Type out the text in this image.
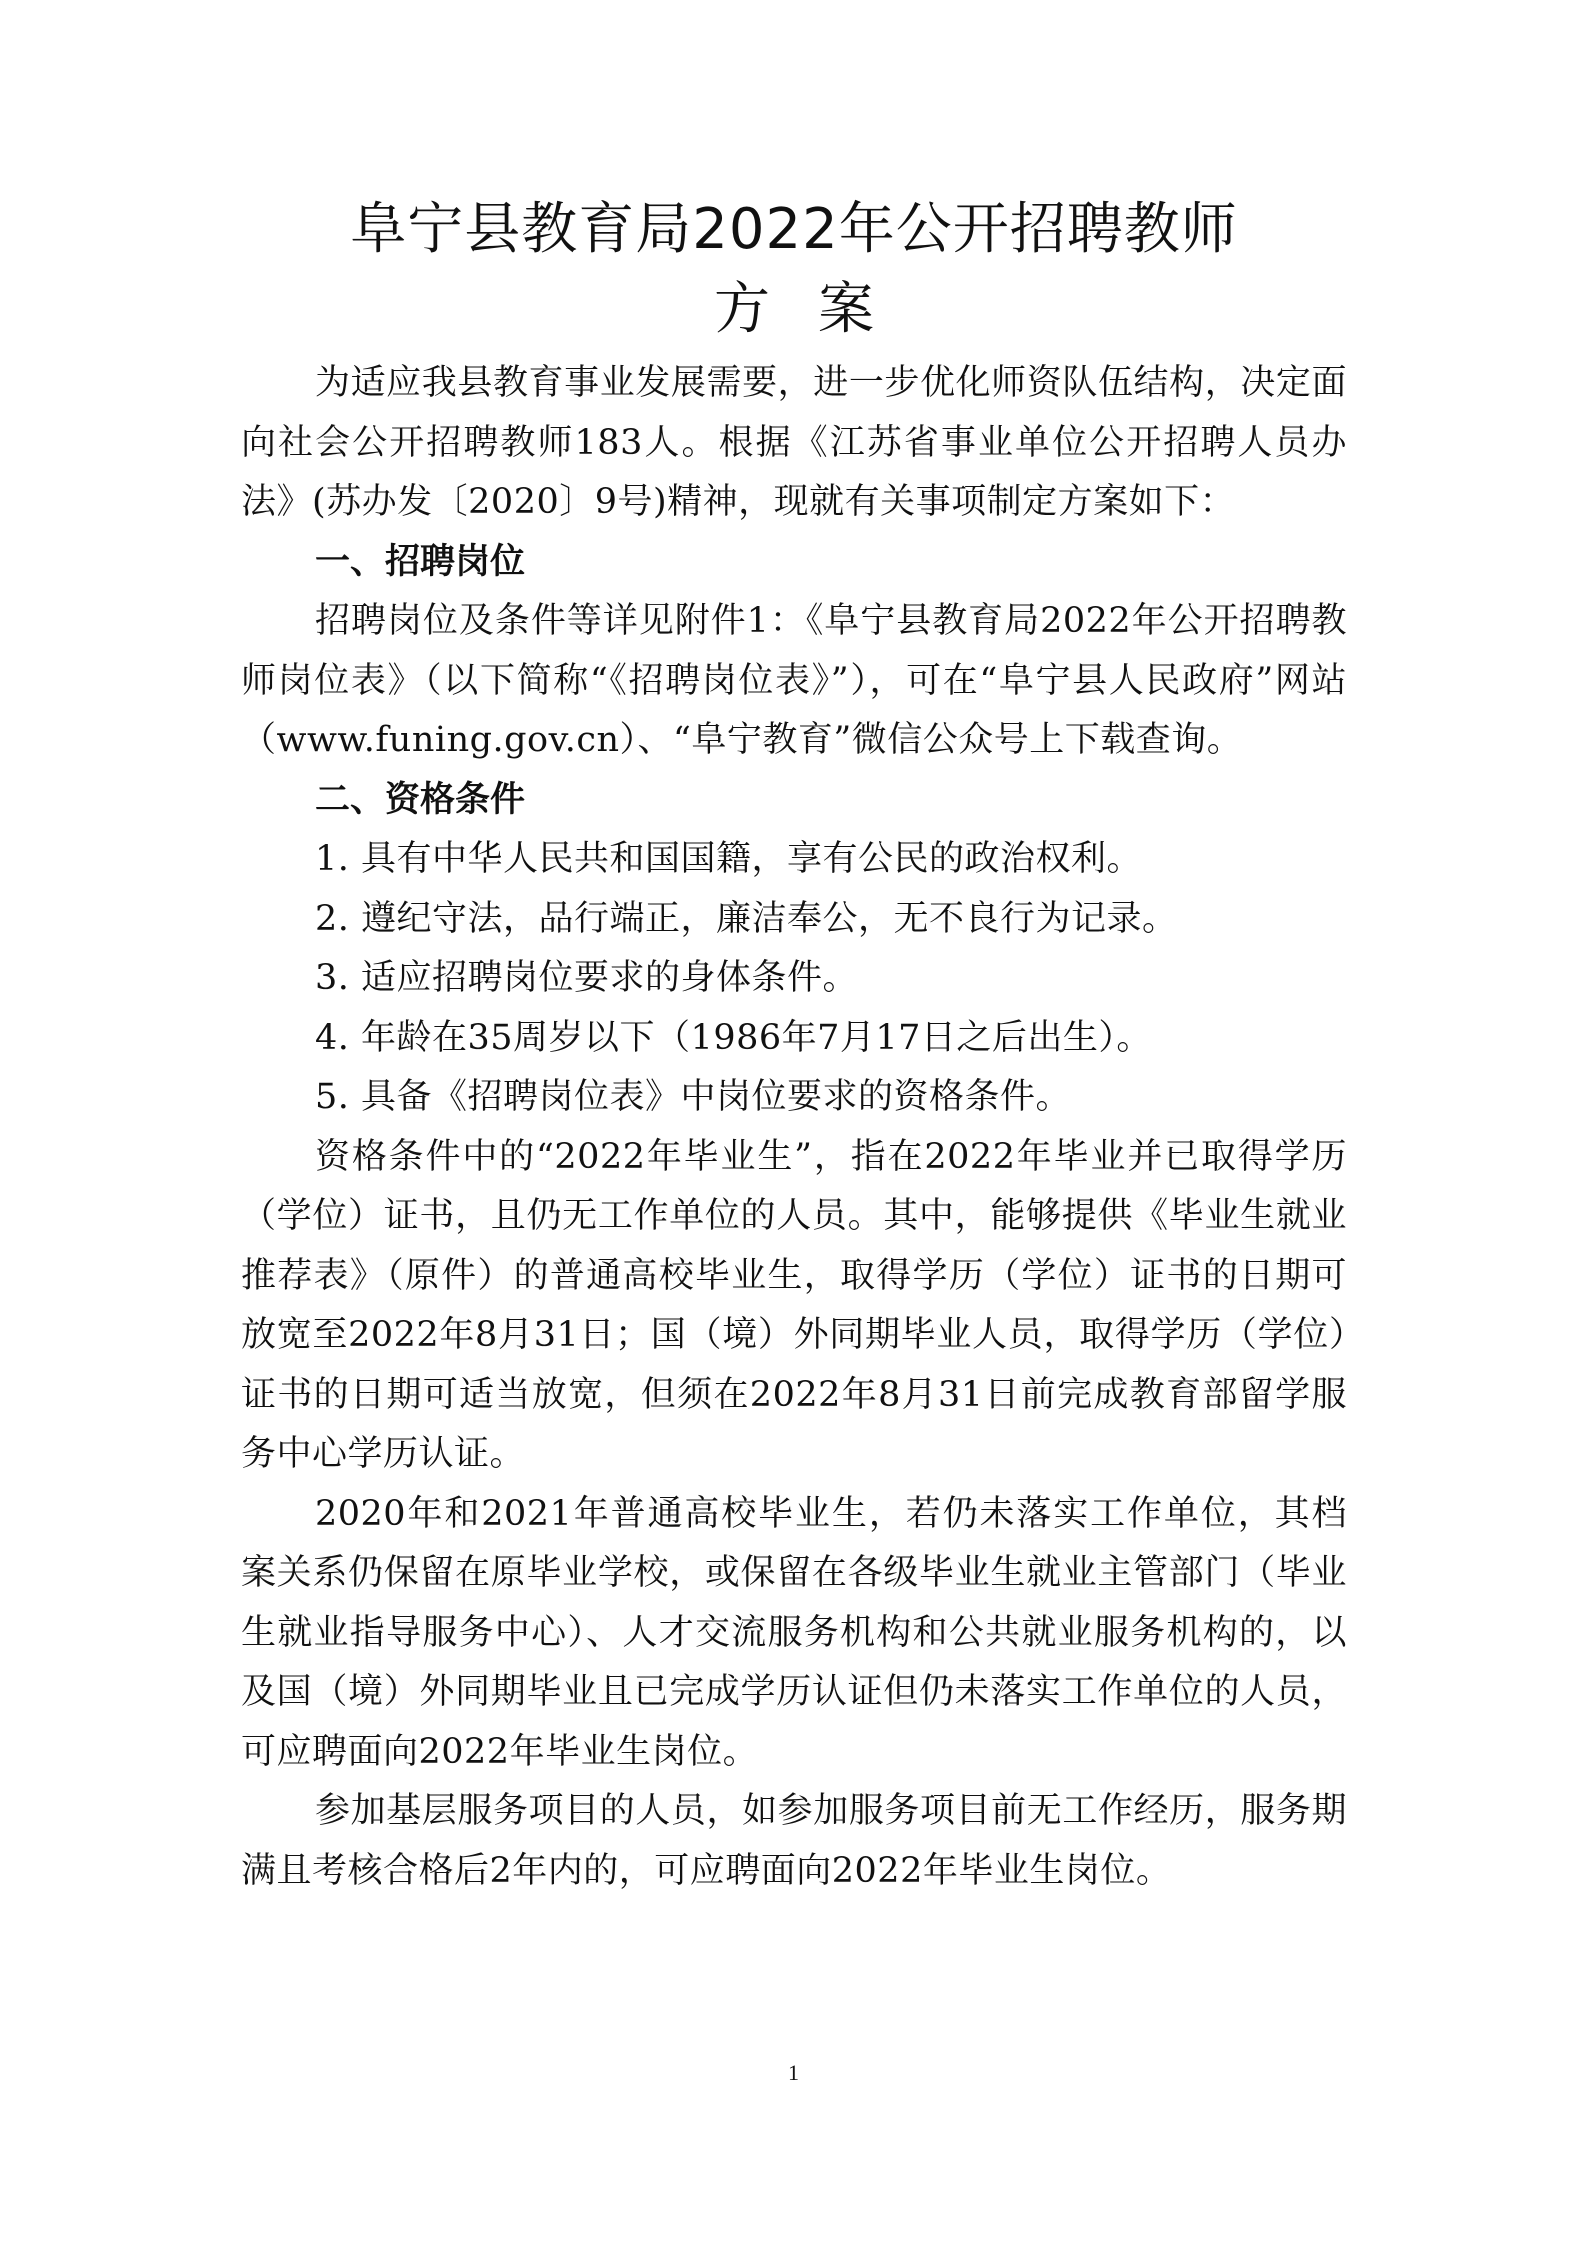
阜宁县教育局2022年公开招聘教师
方案

为适应我县教育事业发展需要，进一步优化师资队伍结构，决定面向社会公开招聘教师183人。根据《江苏省事业单位公开招聘人员办法》(苏办发〔2020〕9号)精神，现就有关事项制定方案如下：

一、招聘岗位

招聘岗位及条件等详见附件1：《阜宁县教育局2022年公开招聘教师岗位表》（以下简称“《招聘岗位表》”），可在“阜宁县人民政府”网站（www.funing.gov.cn）、“阜宁教育”微信公众号上下载查询。

二、资格条件

1. 具有中华人民共和国国籍，享有公民的政治权利。

2. 遵纪守法，品行端正，廉洁奉公，无不良行为记录。

3. 适应招聘岗位要求的身体条件。

4. 年龄在35周岁以下（1986年7月17日之后出生）。

5. 具备《招聘岗位表》中岗位要求的资格条件。

资格条件中的“2022年毕业生”，指在2022年毕业并已取得学历（学位）证书，且仍无工作单位的人员。其中，能够提供《毕业生就业推荐表》（原件）的普通高校毕业生，取得学历（学位）证书的日期可放宽至2022年8月31日；国（境）外同期毕业人员，取得学历（学位）证书的日期可适当放宽，但须在2022年8月31日前完成教育部留学服务中心学历认证。

2020年和2021年普通高校毕业生，若仍未落实工作单位，其档案关系仍保留在原毕业学校，或保留在各级毕业生就业主管部门（毕业生就业指导服务中心）、人才交流服务机构和公共就业服务机构的，以及国（境）外同期毕业且已完成学历认证但仍未落实工作单位的人员，可应聘面向2022年毕业生岗位。

参加基层服务项目的人员，如参加服务项目前无工作经历，服务期满且考核合格后2年内的，可应聘面向2022年毕业生岗位。

1
